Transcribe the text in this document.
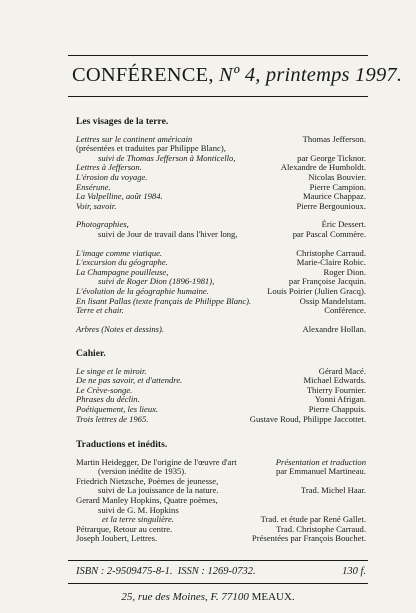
CONFÉRENCE, Nº 4, printemps 1997.
Les visages de la terre.
Lettres sur le continent américain	Thomas Jefferson.
(présentées et traduites par Philippe Blanc),
suivi de Thomas Jefferson à Monticello,	par George Ticknor.
Lettres à Jefferson.	Alexandre de Humboldt.
L'érosion du voyage.	Nicolas Bouvier.
Ensérune.	Pierre Campion.
La Valpelline, août 1984.	Maurice Chappaz.
Voir, savoir.	Pierre Bergounioux.
Photographies,	Éric Dessert.
suivi de Jour de travail dans l'hiver long,	par Pascal Commère.
L'image comme viatique.	Christophe Carraud.
L'excursion du géographe.	Marie-Claire Robic.
La Champagne pouilleuse,	Roger Dion.
suivi de Roger Dion (1896-1981),	par Françoise Jacquin.
L'évolution de la géographie humaine.	Louis Poirier (Julien Gracq).
En lisant Pallas (texte français de Philippe Blanc).	Ossip Mandelstam.
Terre et chair.	Conférence.
Arbres (Notes et dessins).	Alexandre Hollan.
Cahier.
Le singe et le miroir.	Gérard Macé.
De ne pas savoir, et d'attendre.	Michael Edwards.
Le Crève-songe.	Thierry Fournier.
Phrases du déclin.	Yonni Afrigan.
Poétiquement, les lieux.	Pierre Chappuis.
Trois lettres de 1965.	Gustave Roud, Philippe Jaccottet.
Traductions et inédits.
Martin Heidegger, De l'origine de l'œuvre d'art	Présentation et traduction
(version inédite de 1935).	par Emmanuel Martineau.
Friedrich Nietzsche, Poèmes de jeunesse,
suivi de La jouissance de la nature.	Trad. Michel Haar.
Gerard Manley Hopkins, Quatre poèmes,
suivi de G. M. Hopkins
et la terre singulière.	Trad. et étude par René Gallet.
Pétrarque, Retour au centre.	Trad. Christophe Carraud.
Joseph Joubert, Lettres.	Présentées par François Bouchet.
ISBN : 2-9509475-8-1. ISSN : 1269-0732.	130 f.
25, rue des Moines, F. 77100 MEAUX.
